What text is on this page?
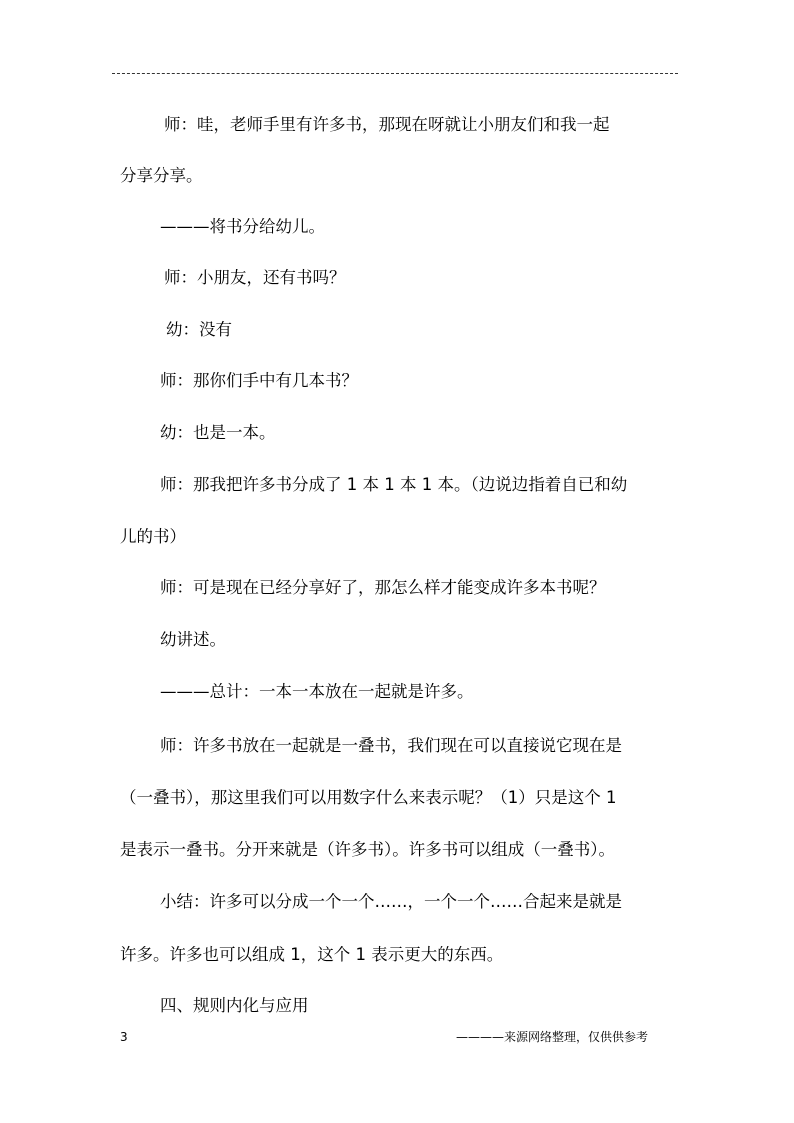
师：哇，老师手里有许多书，那现在呀就让小朋友们和我一起

分享分享。

———将书分给幼儿。

师：小朋友，还有书吗？

幼：没有

师：那你们手中有几本书？

幼：也是一本。

师：那我把许多书分成了 1 本 1 本 1 本。（边说边指着自已和幼

儿的书）

师：可是现在已经分享好了，那怎么样才能变成许多本书呢？

幼讲述。

———总计：一本一本放在一起就是许多。

师：许多书放在一起就是一叠书，我们现在可以直接说它现在是

（一叠书），那这里我们可以用数字什么来表示呢？（1）只是这个 1

是表示一叠书。分开来就是（许多书）。许多书可以组成（一叠书）。

小结：许多可以分成一个一个……，一个一个……合起来是就是

许多。许多也可以组成 1，这个 1 表示更大的东西。

四、规则内化与应用

3	————来源网络整理，仅供供参考
